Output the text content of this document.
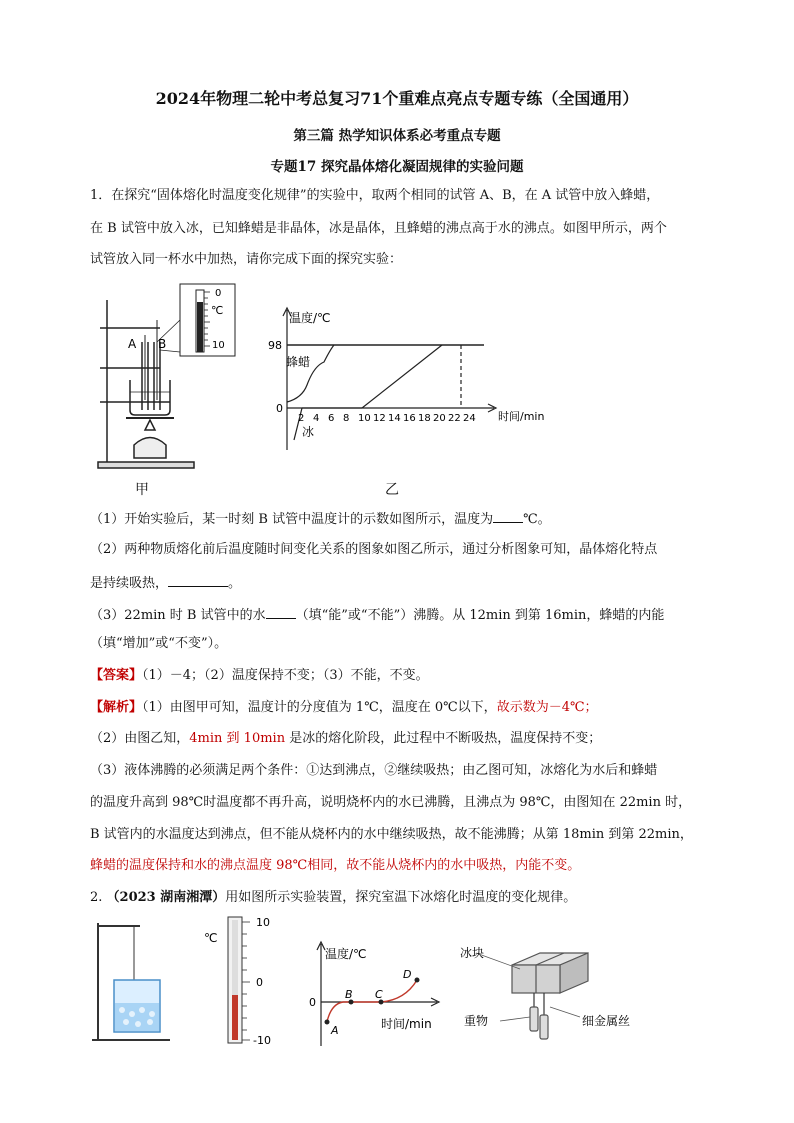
2024年物理二轮中考总复习71个重难点亮点专题专练（全国通用）
第三篇 热学知识体系必考重点专题
专题17 探究晶体熔化凝固规律的实验问题
1．在探究“固体熔化时温度变化规律”的实验中，取两个相同的试管 A、B，在 A 试管中放入蜂蜡，
在 B 试管中放入冰，已知蜂蜡是非晶体，冰是晶体，且蜂蜡的沸点高于水的沸点。如图甲所示，两个
试管放入同一杯水中加热，请你完成下面的探究实验：
A B
0
℃
10
甲
温度/℃
98
0
蜂蜡
冰
时间/min
2 4 6 8 10 12 14 16 18 20 22 24
乙
（1）开始实验后，某一时刻 B 试管中温度计的示数如图所示，温度为 ℃。
（2）两种物质熔化前后温度随时间变化关系的图象如图乙所示，通过分析图象可知，晶体熔化特点
是持续吸热，	。
（3）22min 时 B 试管中的水 （填“能”或“不能”）沸腾。从 12min 到第 16min，蜂蜡的内能
（填“增加”或“不变”）。
【答案】（1）－4；（2）温度保持不变；（3）不能，不变。
【解析】（1）由图甲可知，温度计的分度值为 1℃，温度在 0℃以下，故示数为－4℃；
（2）由图乙知，4min 到 10min 是冰的熔化阶段，此过程中不断吸热，温度保持不变；
（3）液体沸腾的必须满足两个条件：①达到沸点，②继续吸热；由乙图可知，冰熔化为水后和蜂蜡
的温度升高到 98℃时温度都不再升高，说明烧杯内的水已沸腾，且沸点为 98℃，由图知在 22min 时，
B 试管内的水温度达到沸点，但不能从烧杯内的水中继续吸热，故不能沸腾；从第 18min 到第 22min，
蜂蜡的温度保持和水的沸点温度 98℃相同，故不能从烧杯内的水中吸热，内能不变。
2. （2023 湖南湘潭）用如图所示实验装置，探究室温下冰熔化时温度的变化规律。
℃
10
0
-10
温度/℃
0
时间/min
A
B C
D
冰块
重物	细金属丝
